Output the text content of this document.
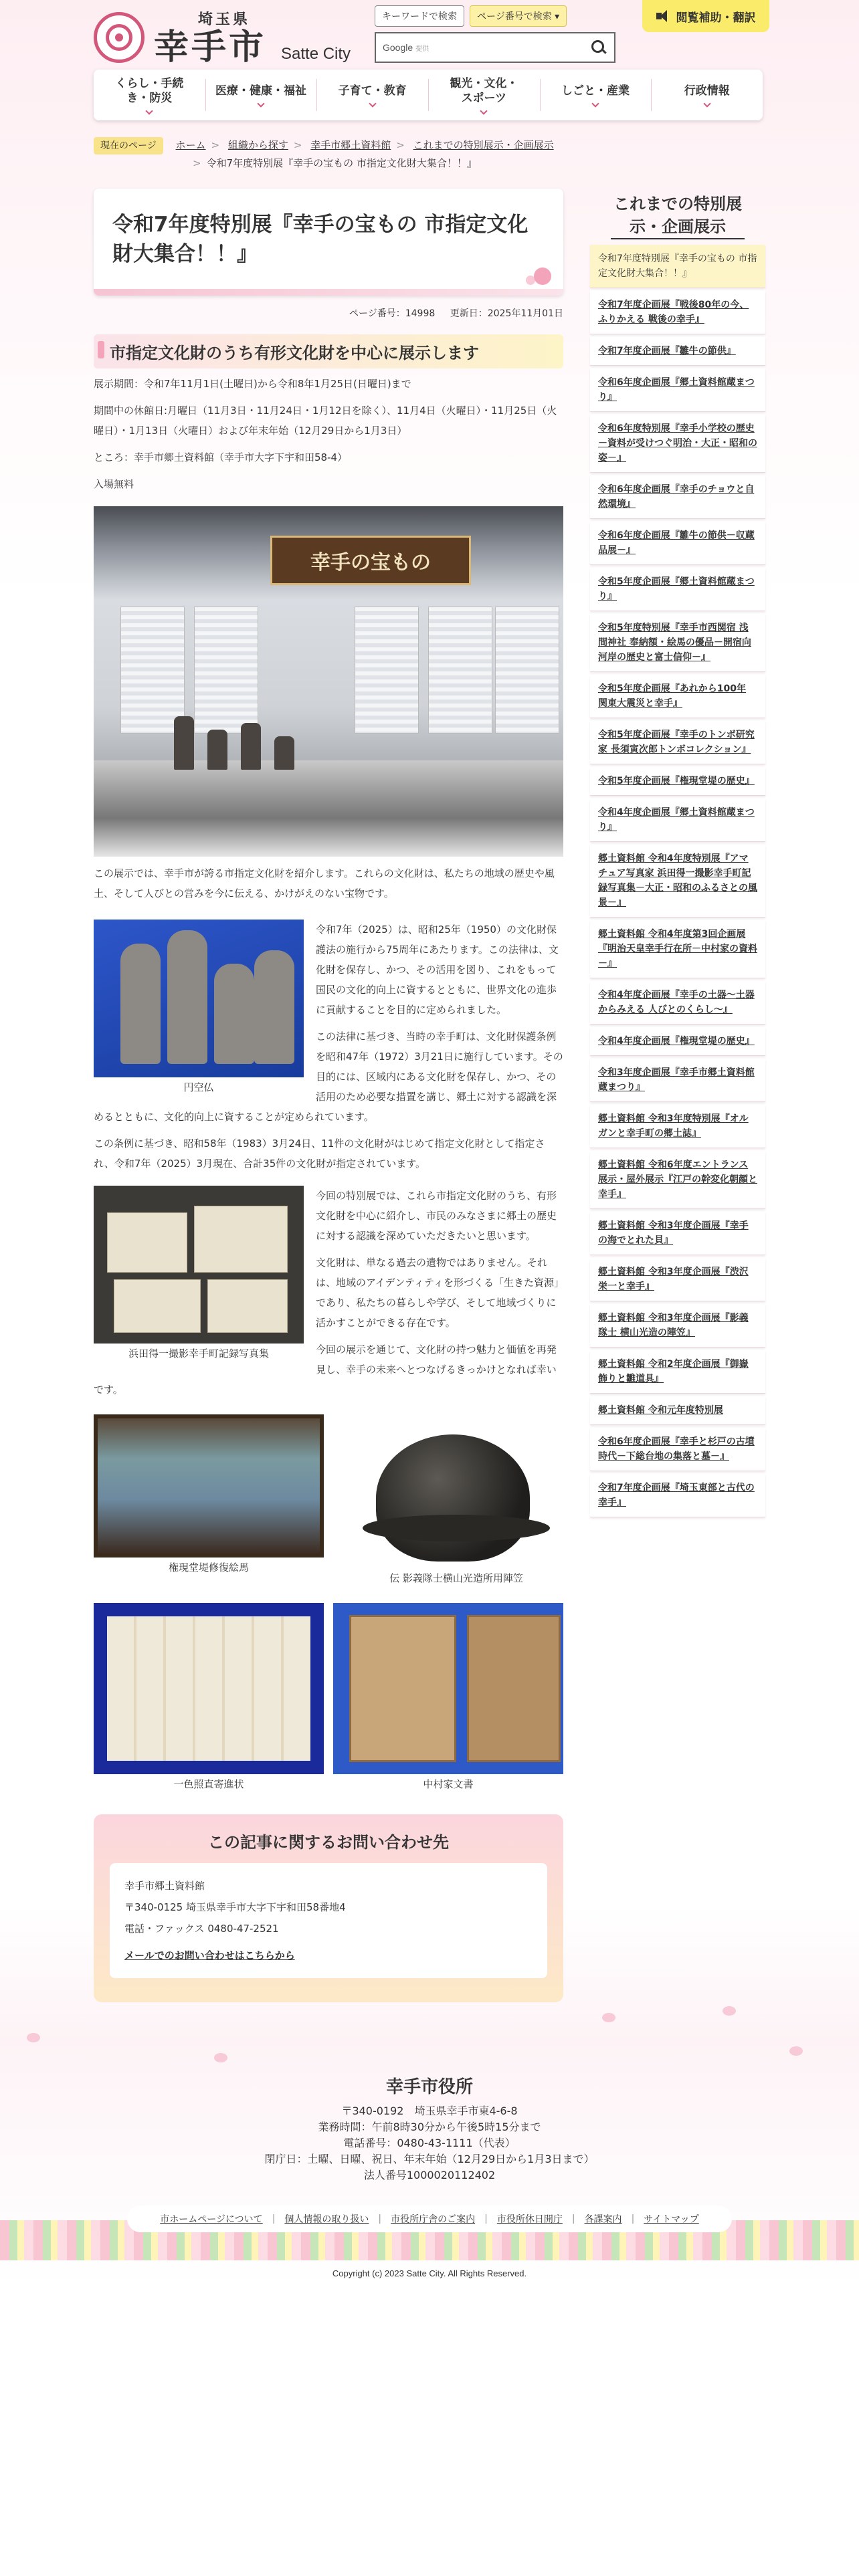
埼玉県
幸手市 Satte City
キーワードで検索	ページ番号で検索 ▾
Google 提供
閲覧補助・翻訳
くらし・手続き・防災
医療・健康・福祉	子育て・教育
観光・文化・スポーツ
しごと・産業	行政情報
現在のページ ホーム > 組織から探す > 幸手市郷土資料館 > これまでの特別展示・企画展示
> 令和7年度特別展『幸手の宝もの 市指定文化財大集合！！』
令和7年度特別展『幸手の宝もの 市指定文化財大集合！！』
ページ番号：14998 更新日：2025年11月01日
市指定文化財のうち有形文化財を中心に展示します

展示期間：令和7年11月1日(土曜日)から令和8年1月25日(日曜日)まで

期間中の休館日:月曜日（11月3日・11月24日・1月12日を除く）、11月4日（火曜日）・11月25日（火曜日）・1月13日（火曜日）および年末年始（12月29日から1月3日）

ところ：幸手市郷土資料館（幸手市大字下宇和田58-4）

入場無料

幸手の宝もの

この展示では、幸手市が誇る市指定文化財を紹介します。これらの文化財は、私たちの地域の歴史や風土、そして人びとの営みを今に伝える、かけがえのない宝物です。

円空仏

令和7年（2025）は、昭和25年（1950）の文化財保護法の施行から75周年にあたります。この法律は、文化財を保存し、かつ、その活用を図り、これをもって国民の文化的向上に資するとともに、世界文化の進歩に貢献することを目的に定められました。

この法律に基づき、当時の幸手町は、文化財保護条例を昭和47年（1972）3月21日に施行しています。その目的には、区域内にある文化財を保存し、かつ、その活用のため必要な措置を講じ、郷土に対する認識を深めるとともに、文化的向上に資することが定められています。

この条例に基づき、昭和58年（1983）3月24日、11件の文化財がはじめて指定文化財として指定され、令和7年（2025）3月現在、合計35件の文化財が指定されています。

浜田得一撮影幸手町記録写真集

今回の特別展では、これら市指定文化財のうち、有形文化財を中心に紹介し、市民のみなさまに郷土の歴史に対する認識を深めていただきたいと思います。

文化財は、単なる過去の遺物ではありません。それは、地域のアイデンティティを形づくる「生きた資源」であり、私たちの暮らしや学び、そして地域づくりに活かすことができる存在です。

今回の展示を通じて、文化財の持つ魅力と価値を再発見し、幸手の未来へとつなげるきっかけとなれば幸いです。

権現堂堤修復絵馬
伝 影義隊士横山光造所用陣笠
一色照直寄進状	中村家文書
この記事に関するお問い合わせ先
幸手市郷土資料館
〒340-0125 埼玉県幸手市大字下宇和田58番地4
電話・ファックス 0480-47-2521
メールでのお問い合わせはこちらから
これまでの特別展示・企画展示
令和7年度特別展『幸手の宝もの 市指定文化財大集合！！』
令和7年度企画展『戦後80年の今、ふりかえる 戦後の幸手』
令和7年度企画展『雛牛の節供』
令和6年度企画展『郷土資料館蔵まつり』
令和6年度特別展『幸手小学校の歴史－資料が受けつぐ明治・大正・昭和の姿－』
令和6年度企画展『幸手のチョウと自然環境』
令和6年度企画展『雛牛の節供－収蔵品展－』
令和5年度企画展『郷土資料館蔵まつり』
令和5年度特別展『幸手市西関宿 浅間神社 奉納額・絵馬の優品－開宿向河岸の歴史と富士信仰－』
令和5年度企画展『あれから100年 関東大震災と幸手』
令和5年度企画展『幸手のトンボ研究家 長須寅次郎トンボコレクション』
令和5年度企画展『権現堂堤の歴史』
令和4年度企画展『郷土資料館蔵まつり』
郷土資料館 令和4年度特別展『アマチュア写真家 浜田得一撮影幸手町記録写真集－大正・昭和のふるさとの風景－』
郷土資料館 令和4年度第3回企画展『明治天皇幸手行在所－中村家の資料－』
令和4年度企画展『幸手の土器～土器からみえる 人びとのくらし～』
令和4年度企画展『権現堂堤の歴史』
令和3年度企画展『幸手市郷土資料館 蔵まつり』
郷土資料館 令和3年度特別展『オルガンと幸手町の郷土誌』
郷土資料館 令和6年度エントランス展示・屋外展示『江戸の幹変化朝顔と幸手』
郷土資料館 令和3年度企画展『幸手の海でとれた貝』
郷土資料館 令和3年度企画展『渋沢栄一と幸手』
郷土資料館 令和3年度企画展『影義隊士 横山光造の陣笠』
郷土資料館 令和2年度企画展『御嶽飾りと雛道具』
郷土資料館 令和元年度特別展
令和6年度企画展『幸手と杉戸の古墳時代－下総台地の集落と墓－』
令和7年度企画展『埼玉東部と古代の幸手』
幸手市役所
〒340-0192　埼玉県幸手市東4-6-8
業務時間：午前8時30分から午後5時15分まで
電話番号：0480-43-1111（代表）
閉庁日：土曜、日曜、祝日、年末年始（12月29日から1月3日まで）
法人番号1000020112402
市ホームページについて	|	個人情報の取り扱い	|	市役所庁舎のご案内	|	市役所休日開庁	|	各課案内	|	サイトマップ
Copyright (c) 2023 Satte City. All Rights Reserved.
